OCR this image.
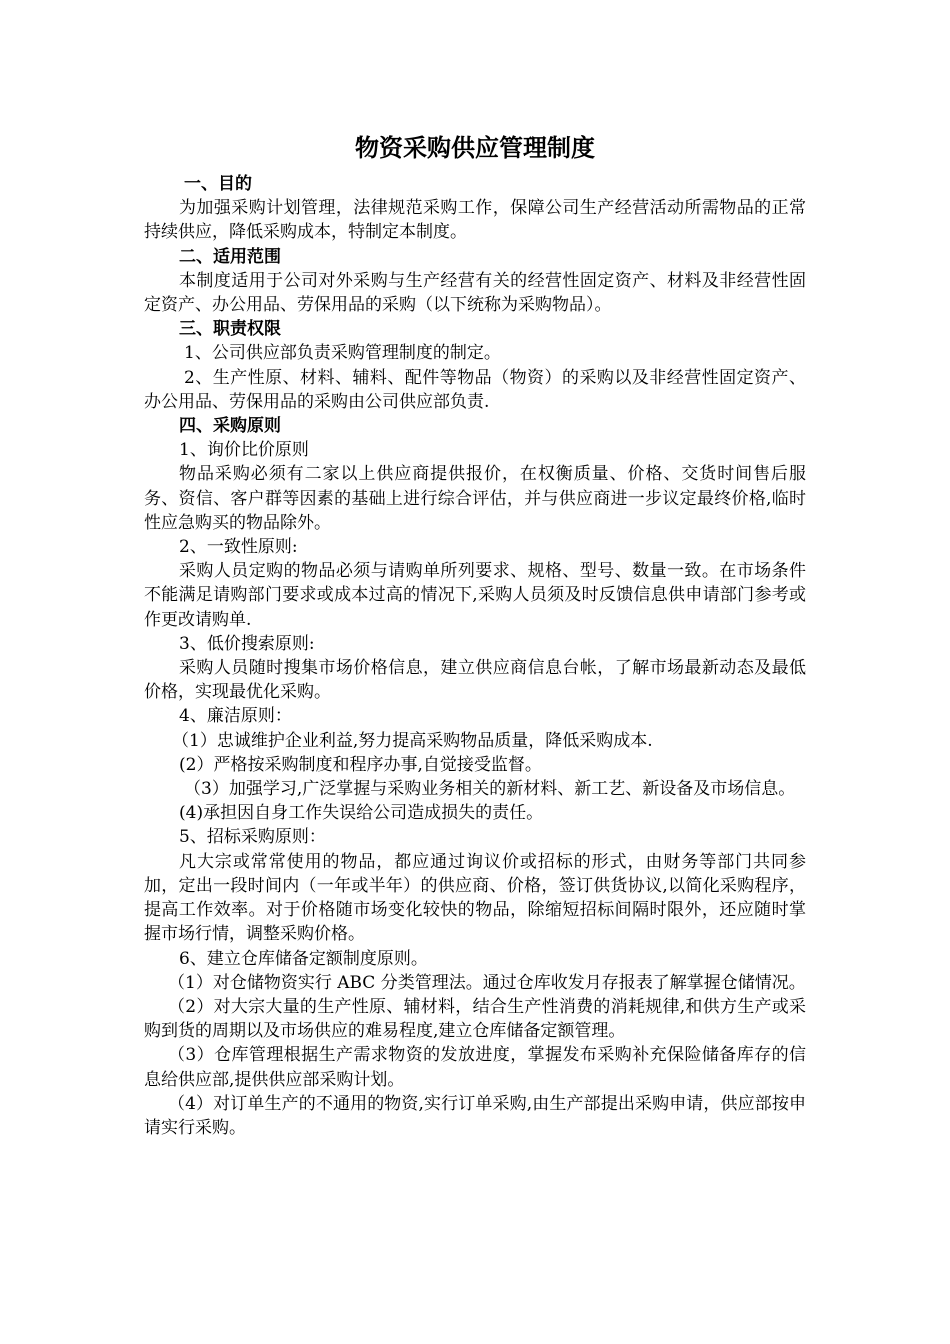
物资采购供应管理制度

一、目的

为加强采购计划管理，法律规范采购工作，保障公司生产经营活动所需物品的正常持续供应，降低采购成本，特制定本制度。

二、适用范围

本制度适用于公司对外采购与生产经营有关的经营性固定资产、材料及非经营性固定资产、办公用品、劳保用品的采购（以下统称为采购物品）。

三、职责权限

1、公司供应部负责采购管理制度的制定。

2、生产性原、材料、辅料、配件等物品（物资）的采购以及非经营性固定资产、办公用品、劳保用品的采购由公司供应部负责.

四、采购原则

1、询价比价原则

物品采购必须有二家以上供应商提供报价，在权衡质量、价格、交货时间售后服务、资信、客户群等因素的基础上进行综合评估，并与供应商进一步议定最终价格,临时性应急购买的物品除外。

2、一致性原则:

采购人员定购的物品必须与请购单所列要求、规格、型号、数量一致。在市场条件不能满足请购部门要求或成本过高的情况下,采购人员须及时反馈信息供申请部门参考或作更改请购单.

3、低价搜索原则:

采购人员随时搜集市场价格信息，建立供应商信息台帐，了解市场最新动态及最低价格，实现最优化采购。

4、廉洁原则：

（1）忠诚维护企业利益,努力提高采购物品质量，降低采购成本.

(2）严格按采购制度和程序办事,自觉接受监督。

（3）加强学习,广泛掌握与采购业务相关的新材料、新工艺、新设备及市场信息。

(4)承担因自身工作失误给公司造成损失的责任。

5、招标采购原则：

凡大宗或常常使用的物品，都应通过询议价或招标的形式，由财务等部门共同参加，定出一段时间内（一年或半年）的供应商、价格，签订供货协议,以简化采购程序，提高工作效率。对于价格随市场变化较快的物品，除缩短招标间隔时限外，还应随时掌握市场行情，调整采购价格。

6、建立仓库储备定额制度原则。

（1）对仓储物资实行 ABC 分类管理法。通过仓库收发月存报表了解掌握仓储情况。

（2）对大宗大量的生产性原、辅材料，结合生产性消费的消耗规律,和供方生产或采购到货的周期以及市场供应的难易程度,建立仓库储备定额管理。

（3）仓库管理根据生产需求物资的发放进度，掌握发布采购补充保险储备库存的信息给供应部,提供供应部采购计划。

（4）对订单生产的不通用的物资,实行订单采购,由生产部提出采购申请，供应部按申请实行采购。
